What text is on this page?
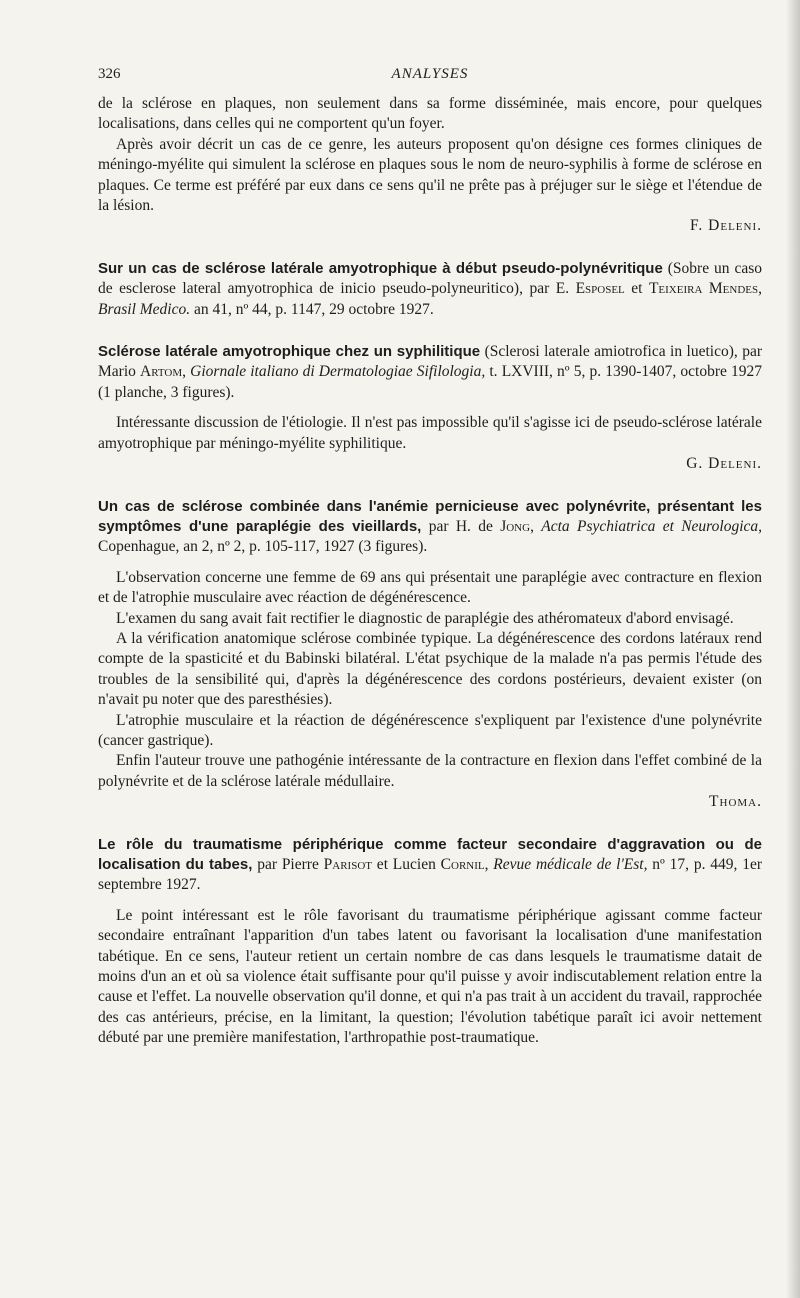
326	ANALYSES

de la sclérose en plaques, non seulement dans sa forme disséminée, mais encore, pour quelques localisations, dans celles qui ne comportent qu'un foyer.

Après avoir décrit un cas de ce genre, les auteurs proposent qu'on désigne ces formes cliniques de méningo-myélite qui simulent la sclérose en plaques sous le nom de neuro-syphilis à forme de sclérose en plaques. Ce terme est préféré par eux dans ce sens qu'il ne prête pas à préjuger sur le siège et l'étendue de la lésion.

F. Deleni.

Sur un cas de sclérose latérale amyotrophique à début pseudo-polynévritique (Sobre un caso de esclerose lateral amyotrophica de inicio pseudo-polyneuritico), par E. Esposel et Teixeira Mendes, Brasil Medico. an 41, nº 44, p. 1147, 29 octobre 1927.

Sclérose latérale amyotrophique chez un syphilitique (Sclerosi laterale amiotrofica in luetico), par Mario Artom, Giornale italiano di Dermatologiae Sifilologia, t. LXVIII, nº 5, p. 1390-1407, octobre 1927 (1 planche, 3 figures).

Intéressante discussion de l'étiologie. Il n'est pas impossible qu'il s'agisse ici de pseudo-sclérose latérale amyotrophique par méningo-myélite syphilitique.

G. Deleni.

Un cas de sclérose combinée dans l'anémie pernicieuse avec polynévrite, présentant les symptômes d'une paraplégie des vieillards, par H. de Jong, Acta Psychiatrica et Neurologica, Copenhague, an 2, nº 2, p. 105-117, 1927 (3 figures).

L'observation concerne une femme de 69 ans qui présentait une paraplégie avec contracture en flexion et de l'atrophie musculaire avec réaction de dégénérescence.

L'examen du sang avait fait rectifier le diagnostic de paraplégie des athéromateux d'abord envisagé.

A la vérification anatomique sclérose combinée typique. La dégénérescence des cordons latéraux rend compte de la spasticité et du Babinski bilatéral. L'état psychique de la malade n'a pas permis l'étude des troubles de la sensibilité qui, d'après la dégénérescence des cordons postérieurs, devaient exister (on n'avait pu noter que des paresthésies).

L'atrophie musculaire et la réaction de dégénérescence s'expliquent par l'existence d'une polynévrite (cancer gastrique).

Enfin l'auteur trouve une pathogénie intéressante de la contracture en flexion dans l'effet combiné de la polynévrite et de la sclérose latérale médullaire.

Thoma.

Le rôle du traumatisme périphérique comme facteur secondaire d'aggravation ou de localisation du tabes, par Pierre Parisot et Lucien Cornil, Revue médicale de l'Est, nº 17, p. 449, 1er septembre 1927.

Le point intéressant est le rôle favorisant du traumatisme périphérique agissant comme facteur secondaire entraînant l'apparition d'un tabes latent ou favorisant la localisation d'une manifestation tabétique. En ce sens, l'auteur retient un certain nombre de cas dans lesquels le traumatisme datait de moins d'un an et où sa violence était suffisante pour qu'il puisse y avoir indiscutablement relation entre la cause et l'effet. La nouvelle observation qu'il donne, et qui n'a pas trait à un accident du travail, rapprochée des cas antérieurs, précise, en la limitant, la question; l'évolution tabétique paraît ici avoir nettement débuté par une première manifestation, l'arthropathie post-traumatique.
